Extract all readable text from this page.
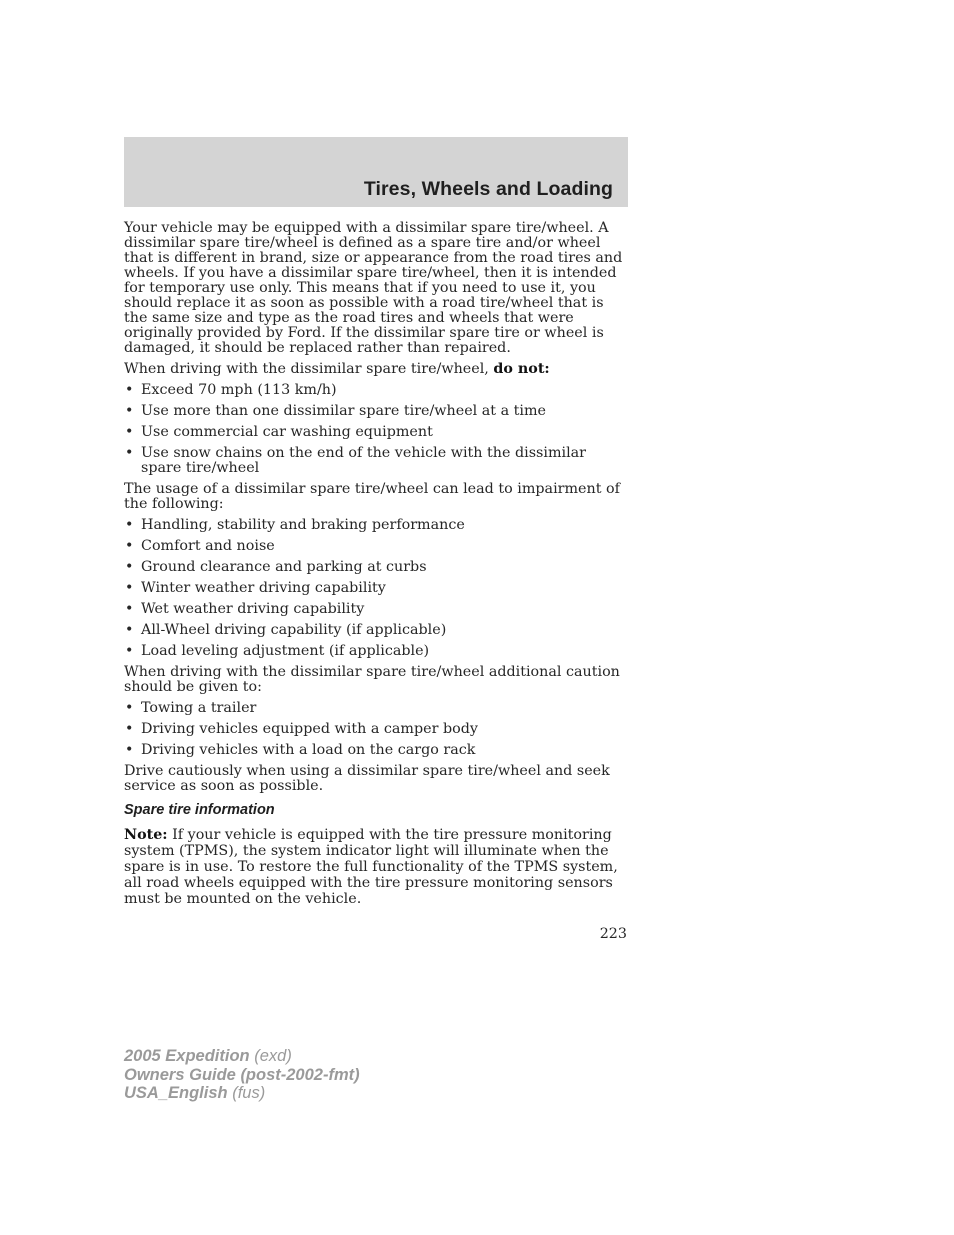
Tires, Wheels and Loading

Your vehicle may be equipped with a dissimilar spare tire/wheel. A dissimilar spare tire/wheel is defined as a spare tire and/or wheel that is different in brand, size or appearance from the road tires and wheels. If you have a dissimilar spare tire/wheel, then it is intended for temporary use only. This means that if you need to use it, you should replace it as soon as possible with a road tire/wheel that is the same size and type as the road tires and wheels that were originally provided by Ford. If the dissimilar spare tire or wheel is damaged, it should be replaced rather than repaired.

When driving with the dissimilar spare tire/wheel, do not:

• Exceed 70 mph (113 km/h)
• Use more than one dissimilar spare tire/wheel at a time
• Use commercial car washing equipment
• Use snow chains on the end of the vehicle with the dissimilar spare tire/wheel

The usage of a dissimilar spare tire/wheel can lead to impairment of the following:

• Handling, stability and braking performance
• Comfort and noise
• Ground clearance and parking at curbs
• Winter weather driving capability
• Wet weather driving capability
• All-Wheel driving capability (if applicable)
• Load leveling adjustment (if applicable)

When driving with the dissimilar spare tire/wheel additional caution should be given to:

• Towing a trailer
• Driving vehicles equipped with a camper body
• Driving vehicles with a load on the cargo rack

Drive cautiously when using a dissimilar spare tire/wheel and seek service as soon as possible.

Spare tire information

Note: If your vehicle is equipped with the tire pressure monitoring system (TPMS), the system indicator light will illuminate when the spare is in use. To restore the full functionality of the TPMS system, all road wheels equipped with the tire pressure monitoring sensors must be mounted on the vehicle.

223
2005 Expedition (exd)
Owners Guide (post-2002-fmt)
USA_English (fus)
